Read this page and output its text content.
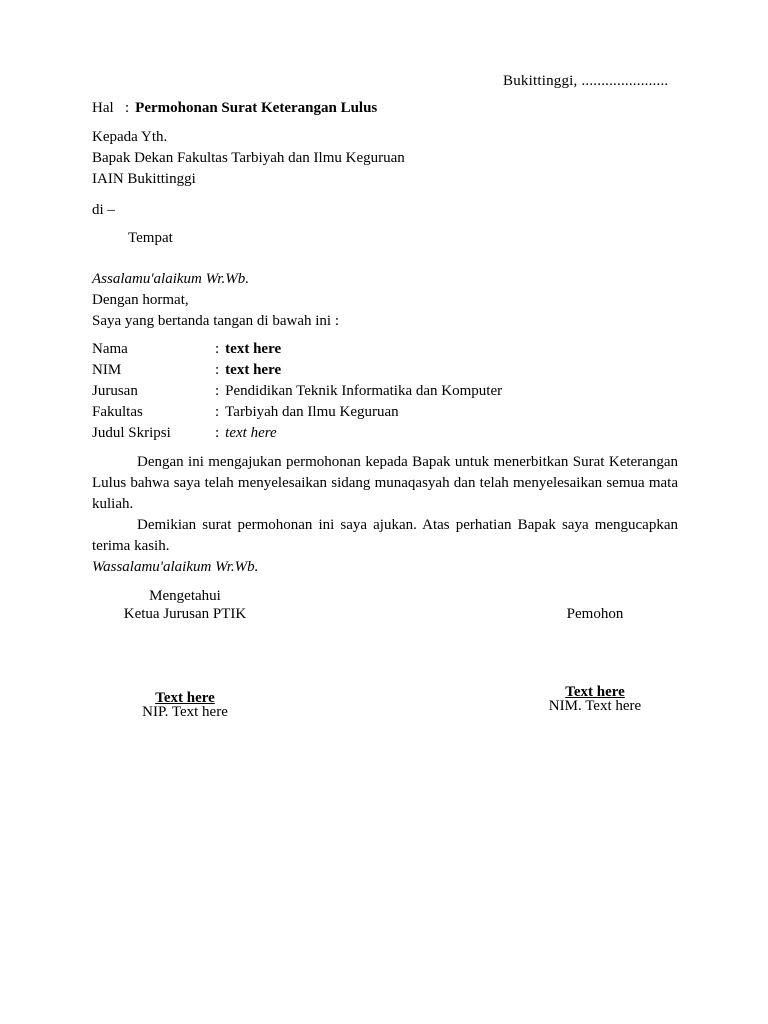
Bukittinggi, ......................
Hal : Permohonan Surat Keterangan Lulus
Kepada Yth.
Bapak Dekan Fakultas Tarbiyah dan Ilmu Keguruan
IAIN Bukittinggi
di –
Tempat
Assalamu'alaikum Wr.Wb.
Dengan hormat,
Saya yang bertanda tangan di bawah ini :
Nama	: text here
NIM	: text here
Jurusan	: Pendidikan Teknik Informatika dan Komputer
Fakultas	: Tarbiyah dan Ilmu Keguruan
Judul Skripsi	: text here

Dengan ini mengajukan permohonan kepada Bapak untuk menerbitkan Surat Keterangan Lulus bahwa saya telah menyelesaikan sidang munaqasyah dan telah menyelesaikan semua mata kuliah.

Demikian surat permohonan ini saya ajukan. Atas perhatian Bapak saya mengucapkan terima kasih.

Wassalamu'alaikum Wr.Wb.

Mengetahui
Ketua Jurusan PTIK
Text here
NIP. Text here
Pemohon
Text here
NIM. Text here
